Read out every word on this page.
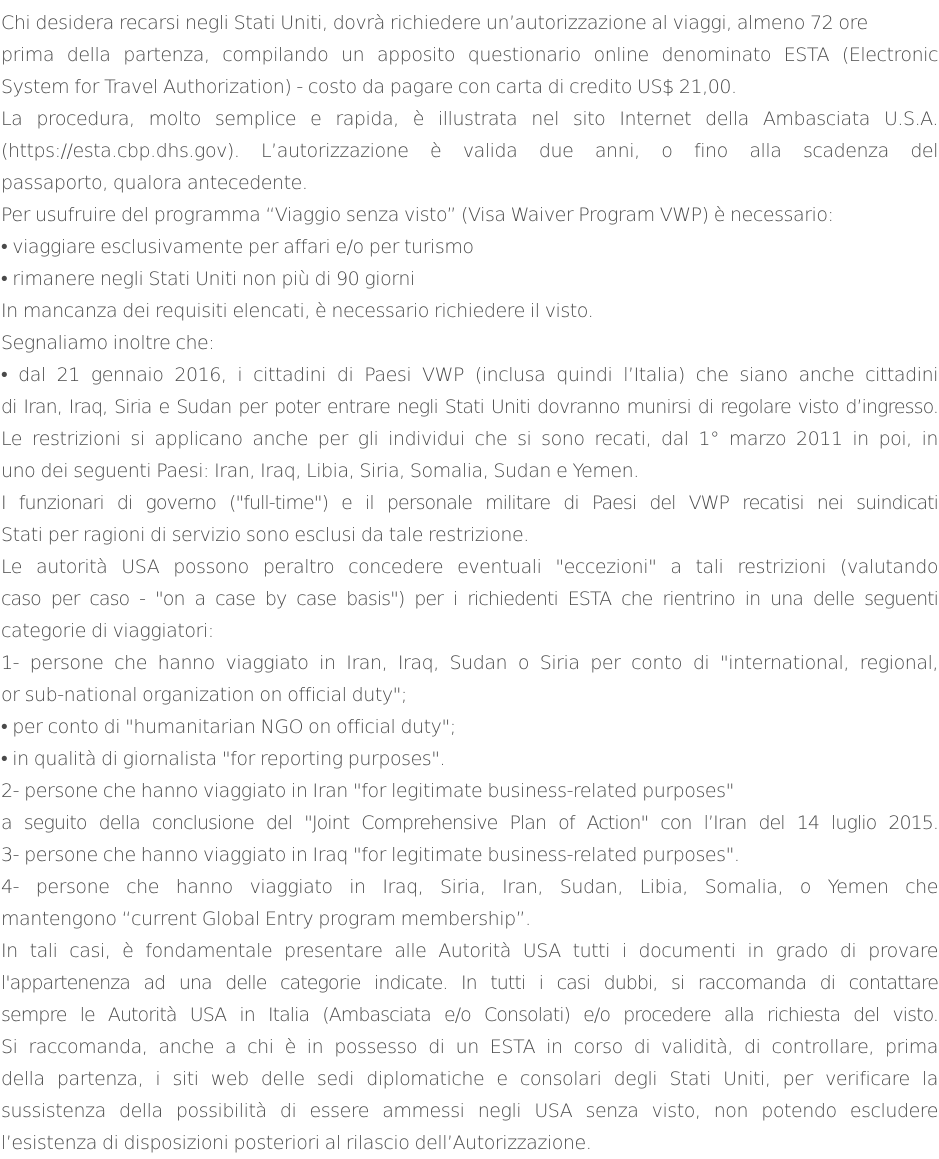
Chi desidera recarsi negli Stati Uniti, dovrà richiedere un’autorizzazione al viaggi, almeno 72 ore
prima della partenza, compilando un apposito questionario online denominato ESTA (Electronic
System for Travel Authorization) - costo da pagare con carta di credito US$ 21,00.
La procedura, molto semplice e rapida, è illustrata nel sito Internet della Ambasciata U.S.A.
(https://esta.cbp.dhs.gov). L’autorizzazione è valida due anni, o fino alla scadenza del
passaporto, qualora antecedente.
Per usufruire del programma “Viaggio senza visto” (Visa Waiver Program VWP) è necessario:
• viaggiare esclusivamente per affari e/o per turismo
• rimanere negli Stati Uniti non più di 90 giorni
In mancanza dei requisiti elencati, è necessario richiedere il visto.
Segnaliamo inoltre che:
• dal 21 gennaio 2016, i cittadini di Paesi VWP (inclusa quindi l’Italia) che siano anche cittadini
di Iran, Iraq, Siria e Sudan per poter entrare negli Stati Uniti dovranno munirsi di regolare visto d’ingresso.
Le restrizioni si applicano anche per gli individui che si sono recati, dal 1° marzo 2011 in poi, in
uno dei seguenti Paesi: Iran, Iraq, Libia, Siria, Somalia, Sudan e Yemen.
I funzionari di governo ("full-time") e il personale militare di Paesi del VWP recatisi nei suindicati
Stati per ragioni di servizio sono esclusi da tale restrizione.
Le autorità USA possono peraltro concedere eventuali "eccezioni" a tali restrizioni (valutando
caso per caso - "on a case by case basis") per i richiedenti ESTA che rientrino in una delle seguenti
categorie di viaggiatori:
1- persone che hanno viaggiato in Iran, Iraq, Sudan o Siria per conto di "international, regional,
or sub-national organization on official duty";
• per conto di "humanitarian NGO on official duty";
• in qualità di giornalista "for reporting purposes".
2- persone che hanno viaggiato in Iran "for legitimate business-related purposes"
a seguito della conclusione del "Joint Comprehensive Plan of Action" con l’Iran del 14 luglio 2015.
3- persone che hanno viaggiato in Iraq "for legitimate business-related purposes".
4- persone che hanno viaggiato in Iraq, Siria, Iran, Sudan, Libia, Somalia, o Yemen che
mantengono “current Global Entry program membership”.
In tali casi, è fondamentale presentare alle Autorità USA tutti i documenti in grado di provare
l'appartenenza ad una delle categorie indicate. In tutti i casi dubbi, si raccomanda di contattare
sempre le Autorità USA in Italia (Ambasciata e/o Consolati) e/o procedere alla richiesta del visto.
Si raccomanda, anche a chi è in possesso di un ESTA in corso di validità, di controllare, prima
della partenza, i siti web delle sedi diplomatiche e consolari degli Stati Uniti, per verificare la
sussistenza della possibilità di essere ammessi negli USA senza visto, non potendo escludere
l’esistenza di disposizioni posteriori al rilascio dell’Autorizzazione.
